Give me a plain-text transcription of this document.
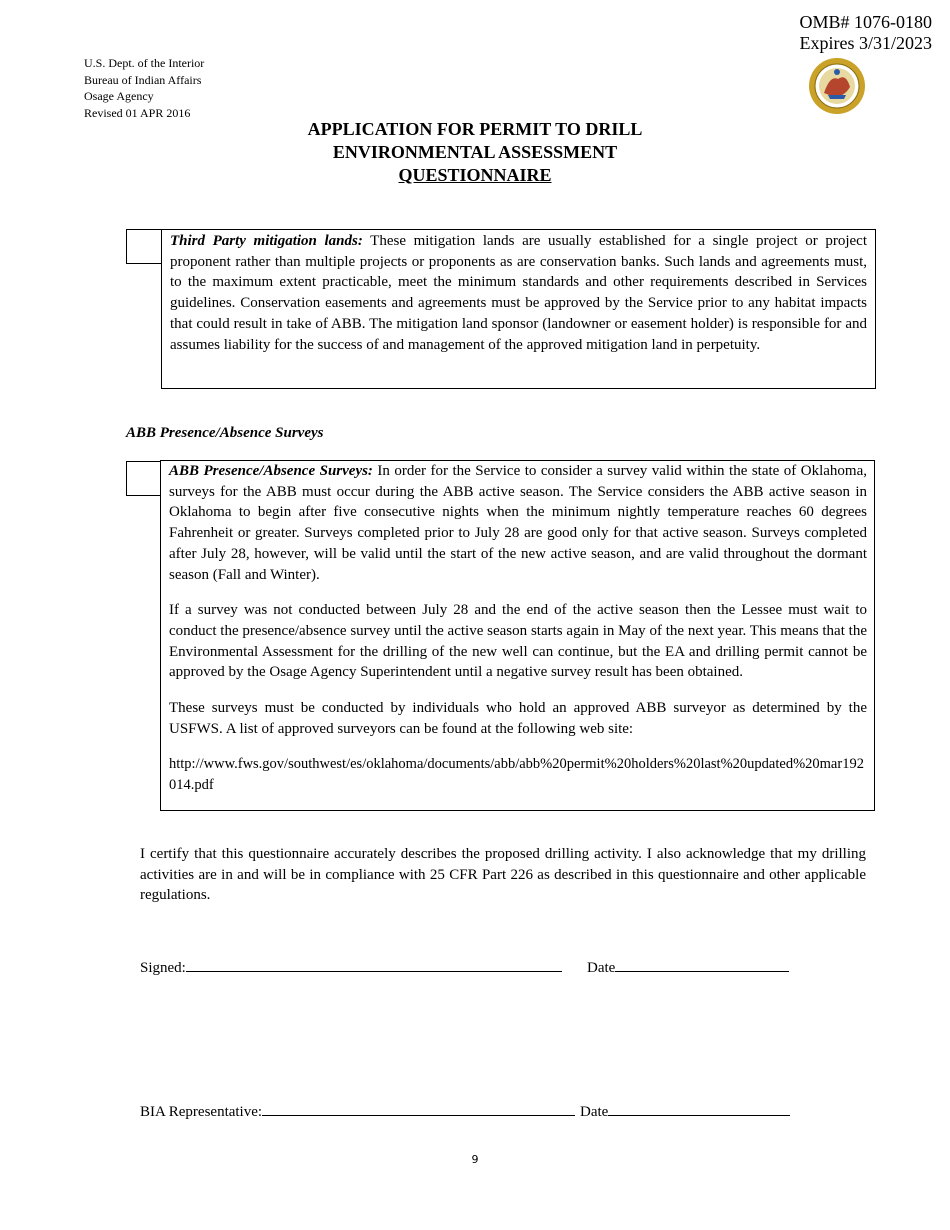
OMB# 1076-0180
Expires 3/31/2023
U.S. Dept. of the Interior
Bureau of Indian Affairs
Osage Agency
Revised 01 APR 2016
APPLICATION FOR PERMIT TO DRILL
ENVIRONMENTAL ASSESSMENT
QUESTIONNAIRE
Third Party mitigation lands: These mitigation lands are usually established for a single project or project proponent rather than multiple projects or proponents as are conservation banks. Such lands and agreements must, to the maximum extent practicable, meet the minimum standards and other requirements described in Services guidelines. Conservation easements and agreements must be approved by the Service prior to any habitat impacts that could result in take of ABB. The mitigation land sponsor (landowner or easement holder) is responsible for and assumes liability for the success of and management of the approved mitigation land in perpetuity.
ABB Presence/Absence Surveys

ABB Presence/Absence Surveys: In order for the Service to consider a survey valid within the state of Oklahoma, surveys for the ABB must occur during the ABB active season. The Service considers the ABB active season in Oklahoma to begin after five consecutive nights when the minimum nightly temperature reaches 60 degrees Fahrenheit or greater. Surveys completed prior to July 28 are good only for that active season. Surveys completed after July 28, however, will be valid until the start of the new active season, and are valid throughout the dormant season (Fall and Winter).

If a survey was not conducted between July 28 and the end of the active season then the Lessee must wait to conduct the presence/absence survey until the active season starts again in May of the next year. This means that the Environmental Assessment for the drilling of the new well can continue, but the EA and drilling permit cannot be approved by the Osage Agency Superintendent until a negative survey result has been obtained.

These surveys must be conducted by individuals who hold an approved ABB surveyor as determined by the USFWS. A list of approved surveyors can be found at the following web site:

http://www.fws.gov/southwest/es/oklahoma/documents/abb/abb%20permit%20holders%20last%20updated%20mar192014.pdf

I certify that this questionnaire accurately describes the proposed drilling activity. I also acknowledge that my drilling activities are in and will be in compliance with 25 CFR Part 226 as described in this questionnaire and other applicable regulations.
Signed:	Date
BIA Representative:	Date
9
